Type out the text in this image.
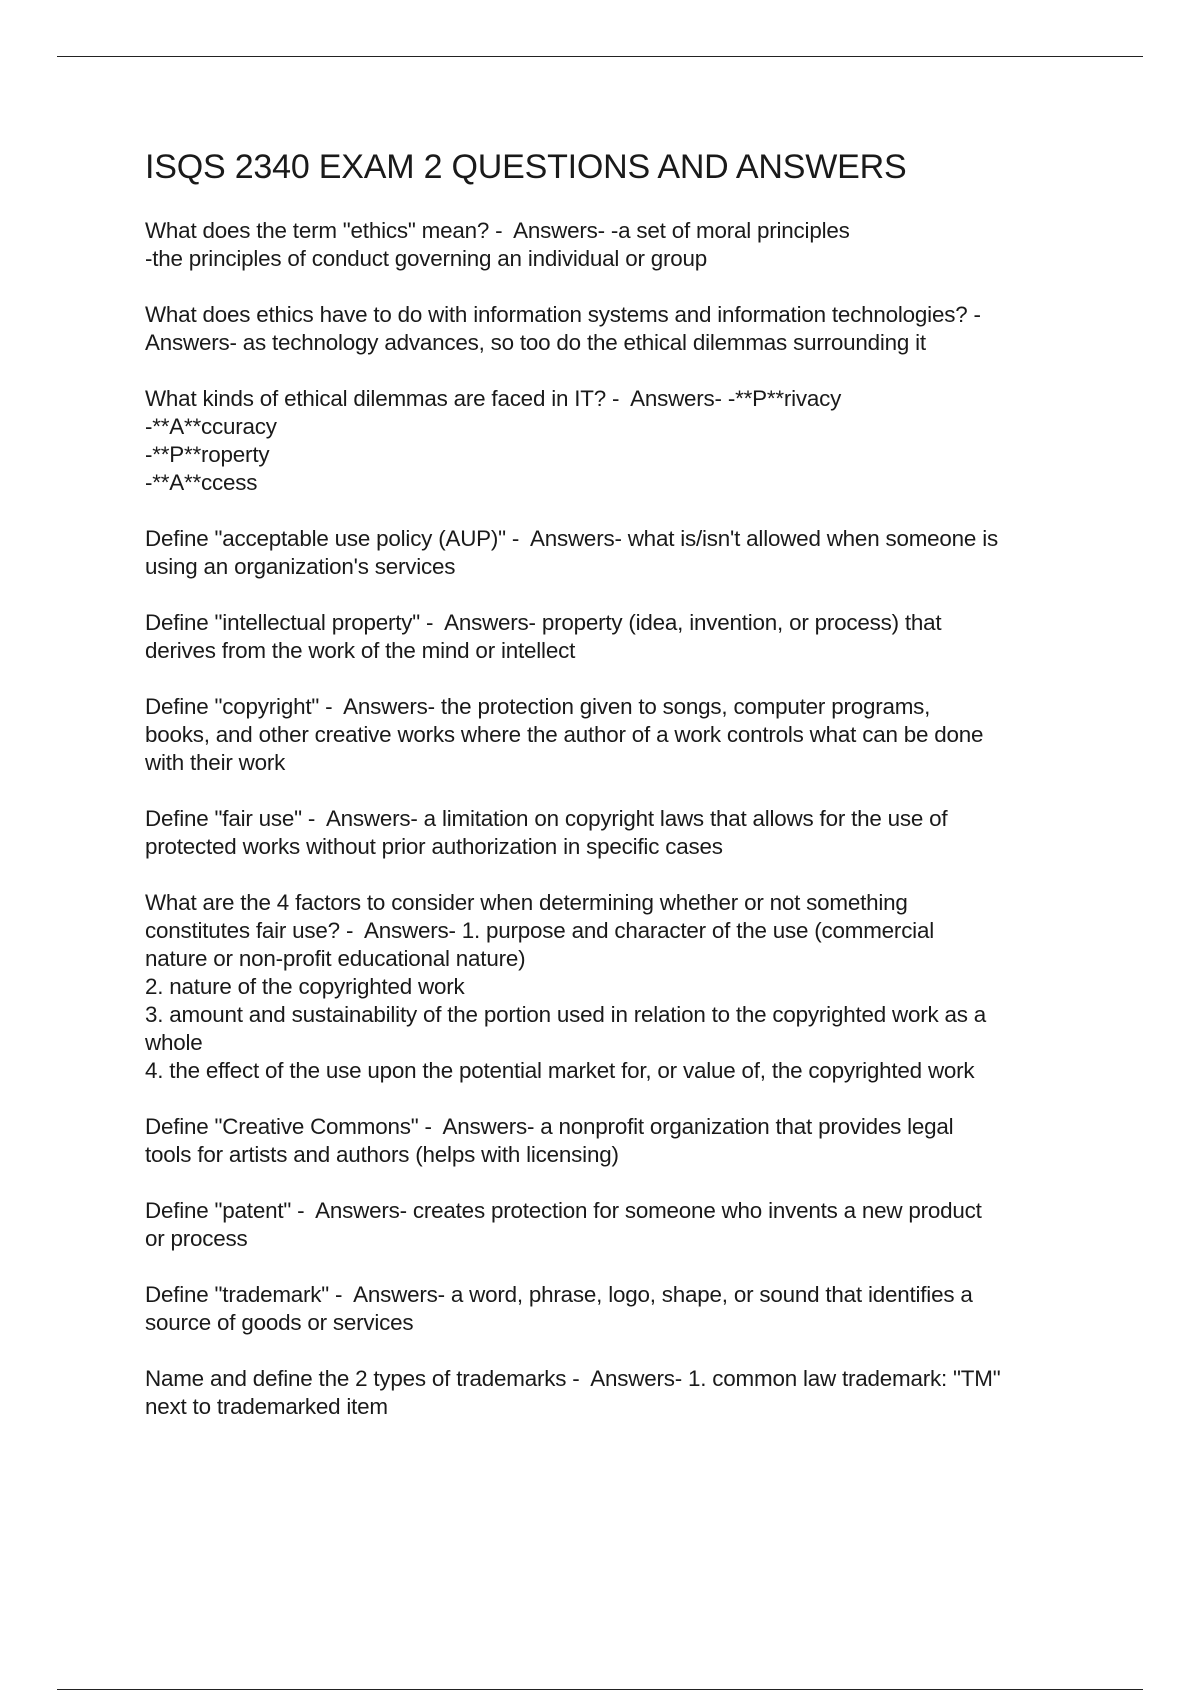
ISQS 2340 EXAM 2 QUESTIONS AND ANSWERS
What does the term "ethics" mean? -  Answers- -a set of moral principles
-the principles of conduct governing an individual or group
What does ethics have to do with information systems and information technologies? -
Answers- as technology advances, so too do the ethical dilemmas surrounding it
What kinds of ethical dilemmas are faced in IT? -  Answers- -**P**rivacy
-**A**ccuracy
-**P**roperty
-**A**ccess
Define "acceptable use policy (AUP)" -  Answers- what is/isn't allowed when someone is
using an organization's services
Define "intellectual property" -  Answers- property (idea, invention, or process) that
derives from the work of the mind or intellect
Define "copyright" -  Answers- the protection given to songs, computer programs,
books, and other creative works where the author of a work controls what can be done
with their work
Define "fair use" -  Answers- a limitation on copyright laws that allows for the use of
protected works without prior authorization in specific cases
What are the 4 factors to consider when determining whether or not something
constitutes fair use? -  Answers- 1. purpose and character of the use (commercial
nature or non-profit educational nature)
2. nature of the copyrighted work
3. amount and sustainability of the portion used in relation to the copyrighted work as a
whole
4. the effect of the use upon the potential market for, or value of, the copyrighted work
Define "Creative Commons" -  Answers- a nonprofit organization that provides legal
tools for artists and authors (helps with licensing)
Define "patent" -  Answers- creates protection for someone who invents a new product
or process
Define "trademark" -  Answers- a word, phrase, logo, shape, or sound that identifies a
source of goods or services
Name and define the 2 types of trademarks -  Answers- 1. common law trademark: "TM"
next to trademarked item
